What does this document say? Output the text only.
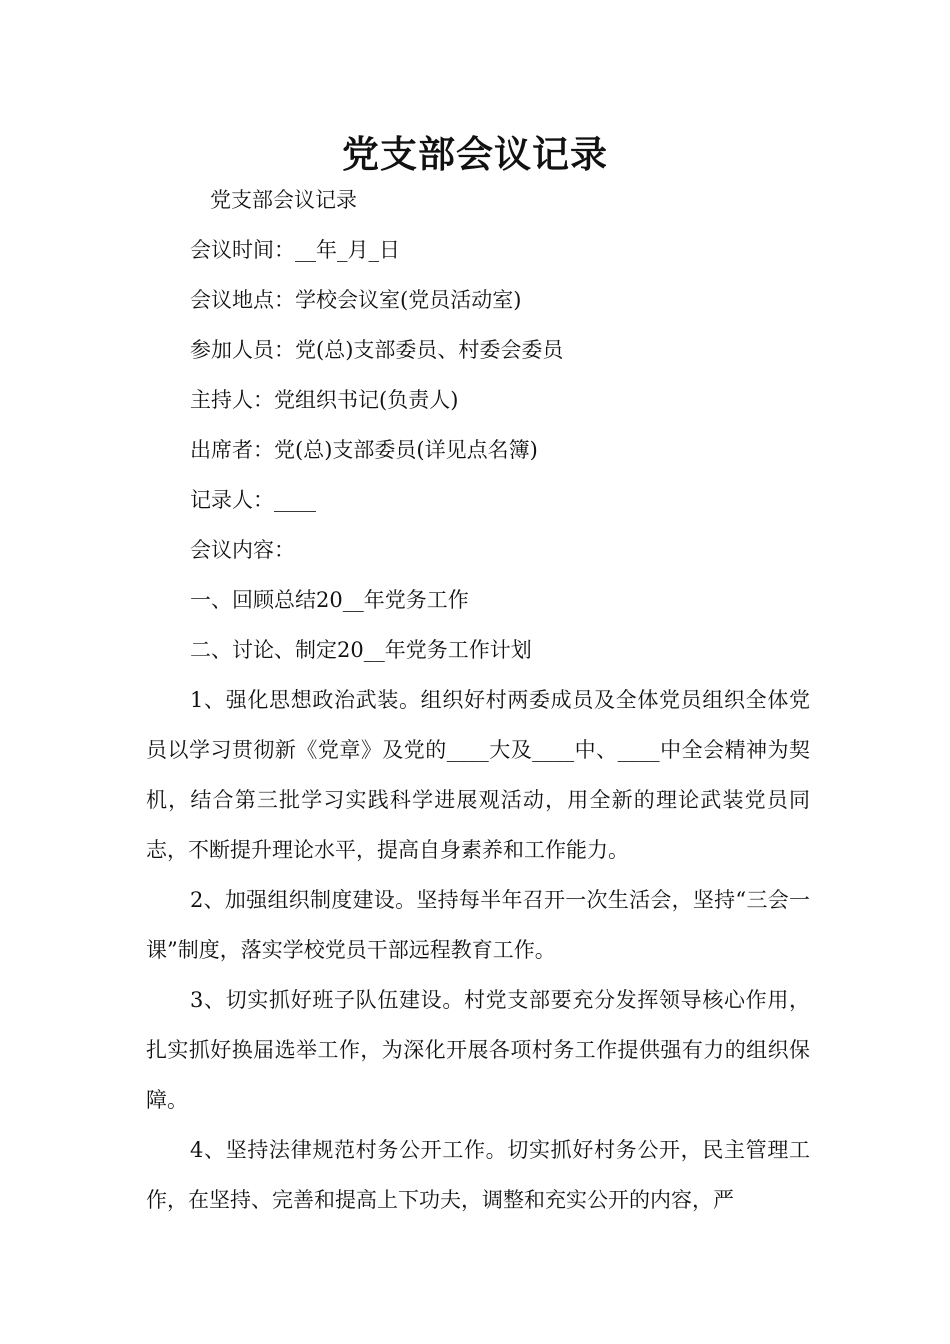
党支部会议记录

党支部会议记录

会议时间：__年_月_日

会议地点：学校会议室(党员活动室)

参加人员：党(总)支部委员、村委会委员

主持人：党组织书记(负责人)

出席者：党(总)支部委员(详见点名簿)

记录人：____

会议内容：

一、回顾总结20__年党务工作

二、讨论、制定20__年党务工作计划

1、强化思想政治武装。组织好村两委成员及全体党员组织全体党员以学习贯彻新《党章》及党的____大及____中、____中全会精神为契机，结合第三批学习实践科学进展观活动，用全新的理论武装党员同志，不断提升理论水平，提高自身素养和工作能力。

2、加强组织制度建设。坚持每半年召开一次生活会，坚持“三会一课”制度，落实学校党员干部远程教育工作。

3、切实抓好班子队伍建设。村党支部要充分发挥领导核心作用，扎实抓好换届选举工作，为深化开展各项村务工作提供强有力的组织保障。

4、坚持法律规范村务公开工作。切实抓好村务公开，民主管理工作，在坚持、完善和提高上下功夫，调整和充实公开的内容，严
